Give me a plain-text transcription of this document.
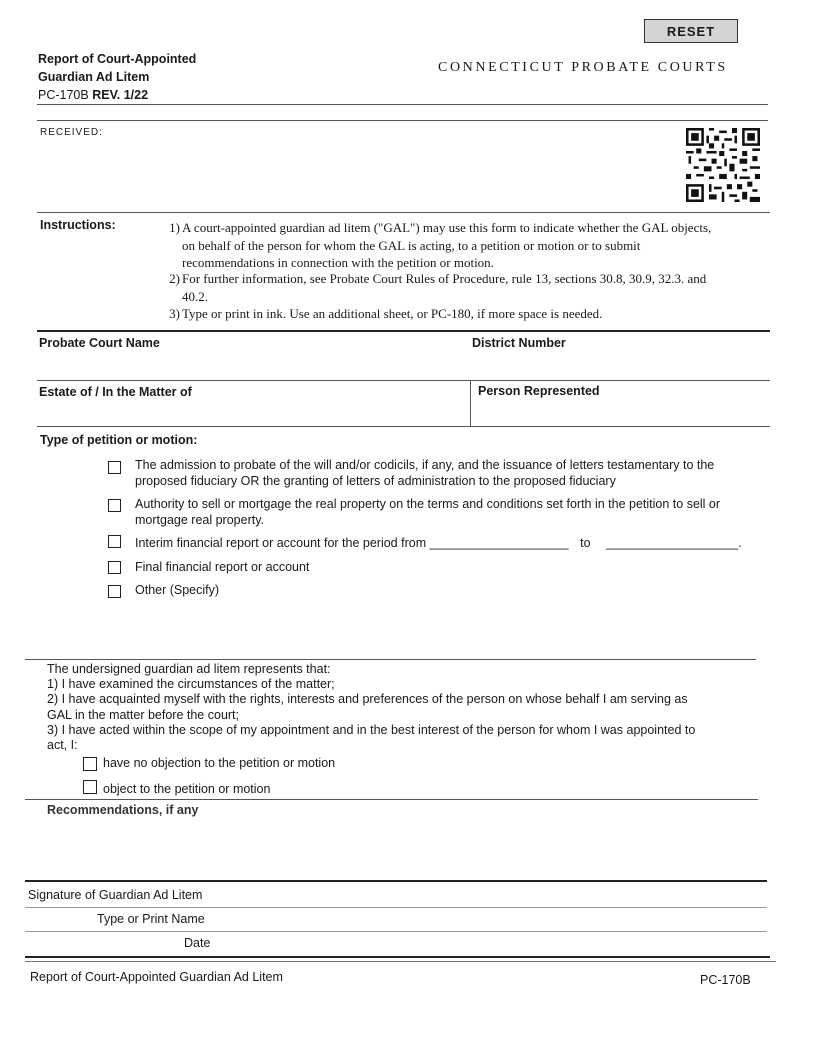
RESET
Report of Court-Appointed
Guardian Ad Litem
PC-170B REV. 1/22
CONNECTICUT PROBATE COURTS
RECEIVED:
Instructions:	1) A court-appointed guardian ad litem ("GAL") may use this form to indicate whether the GAL objects,
on behalf of the person for whom the GAL is acting, to a petition or motion or to submit
recommendations in connection with the petition or motion.
2) For further information, see Probate Court Rules of Procedure, rule 13, sections 30.8, 30.9, 32.3. and
40.2.
3) Type or print in ink. Use an additional sheet, or PC-180, if more space is needed.
Probate Court Name	District Number
Estate of / In the Matter of	Person Represented
Type of petition or motion:
The admission to probate of the will and/or codicils, if any, and the issuance of letters testamentary to the
proposed fiduciary OR the granting of letters of administration to the proposed fiduciary
Authority to sell or mortgage the real property on the terms and conditions set forth in the petition to sell or
mortgage real property.
Interim financial report or account for the period from ____________________ to ___________________.
Final financial report or account
Other (Specify)
The undersigned guardian ad litem represents that:
1) I have examined the circumstances of the matter;
2) I have acquainted myself with the rights, interests and preferences of the person on whose behalf I am serving as
GAL in the matter before the court;
3) I have acted within the scope of my appointment and in the best interest of the person for whom I was appointed to
act, I:
have no objection to the petition or motion
object to the petition or motion
Recommendations, if any
Signature of Guardian Ad Litem
Type or Print Name
Date
Report of Court-Appointed Guardian Ad Litem	PC-170B
